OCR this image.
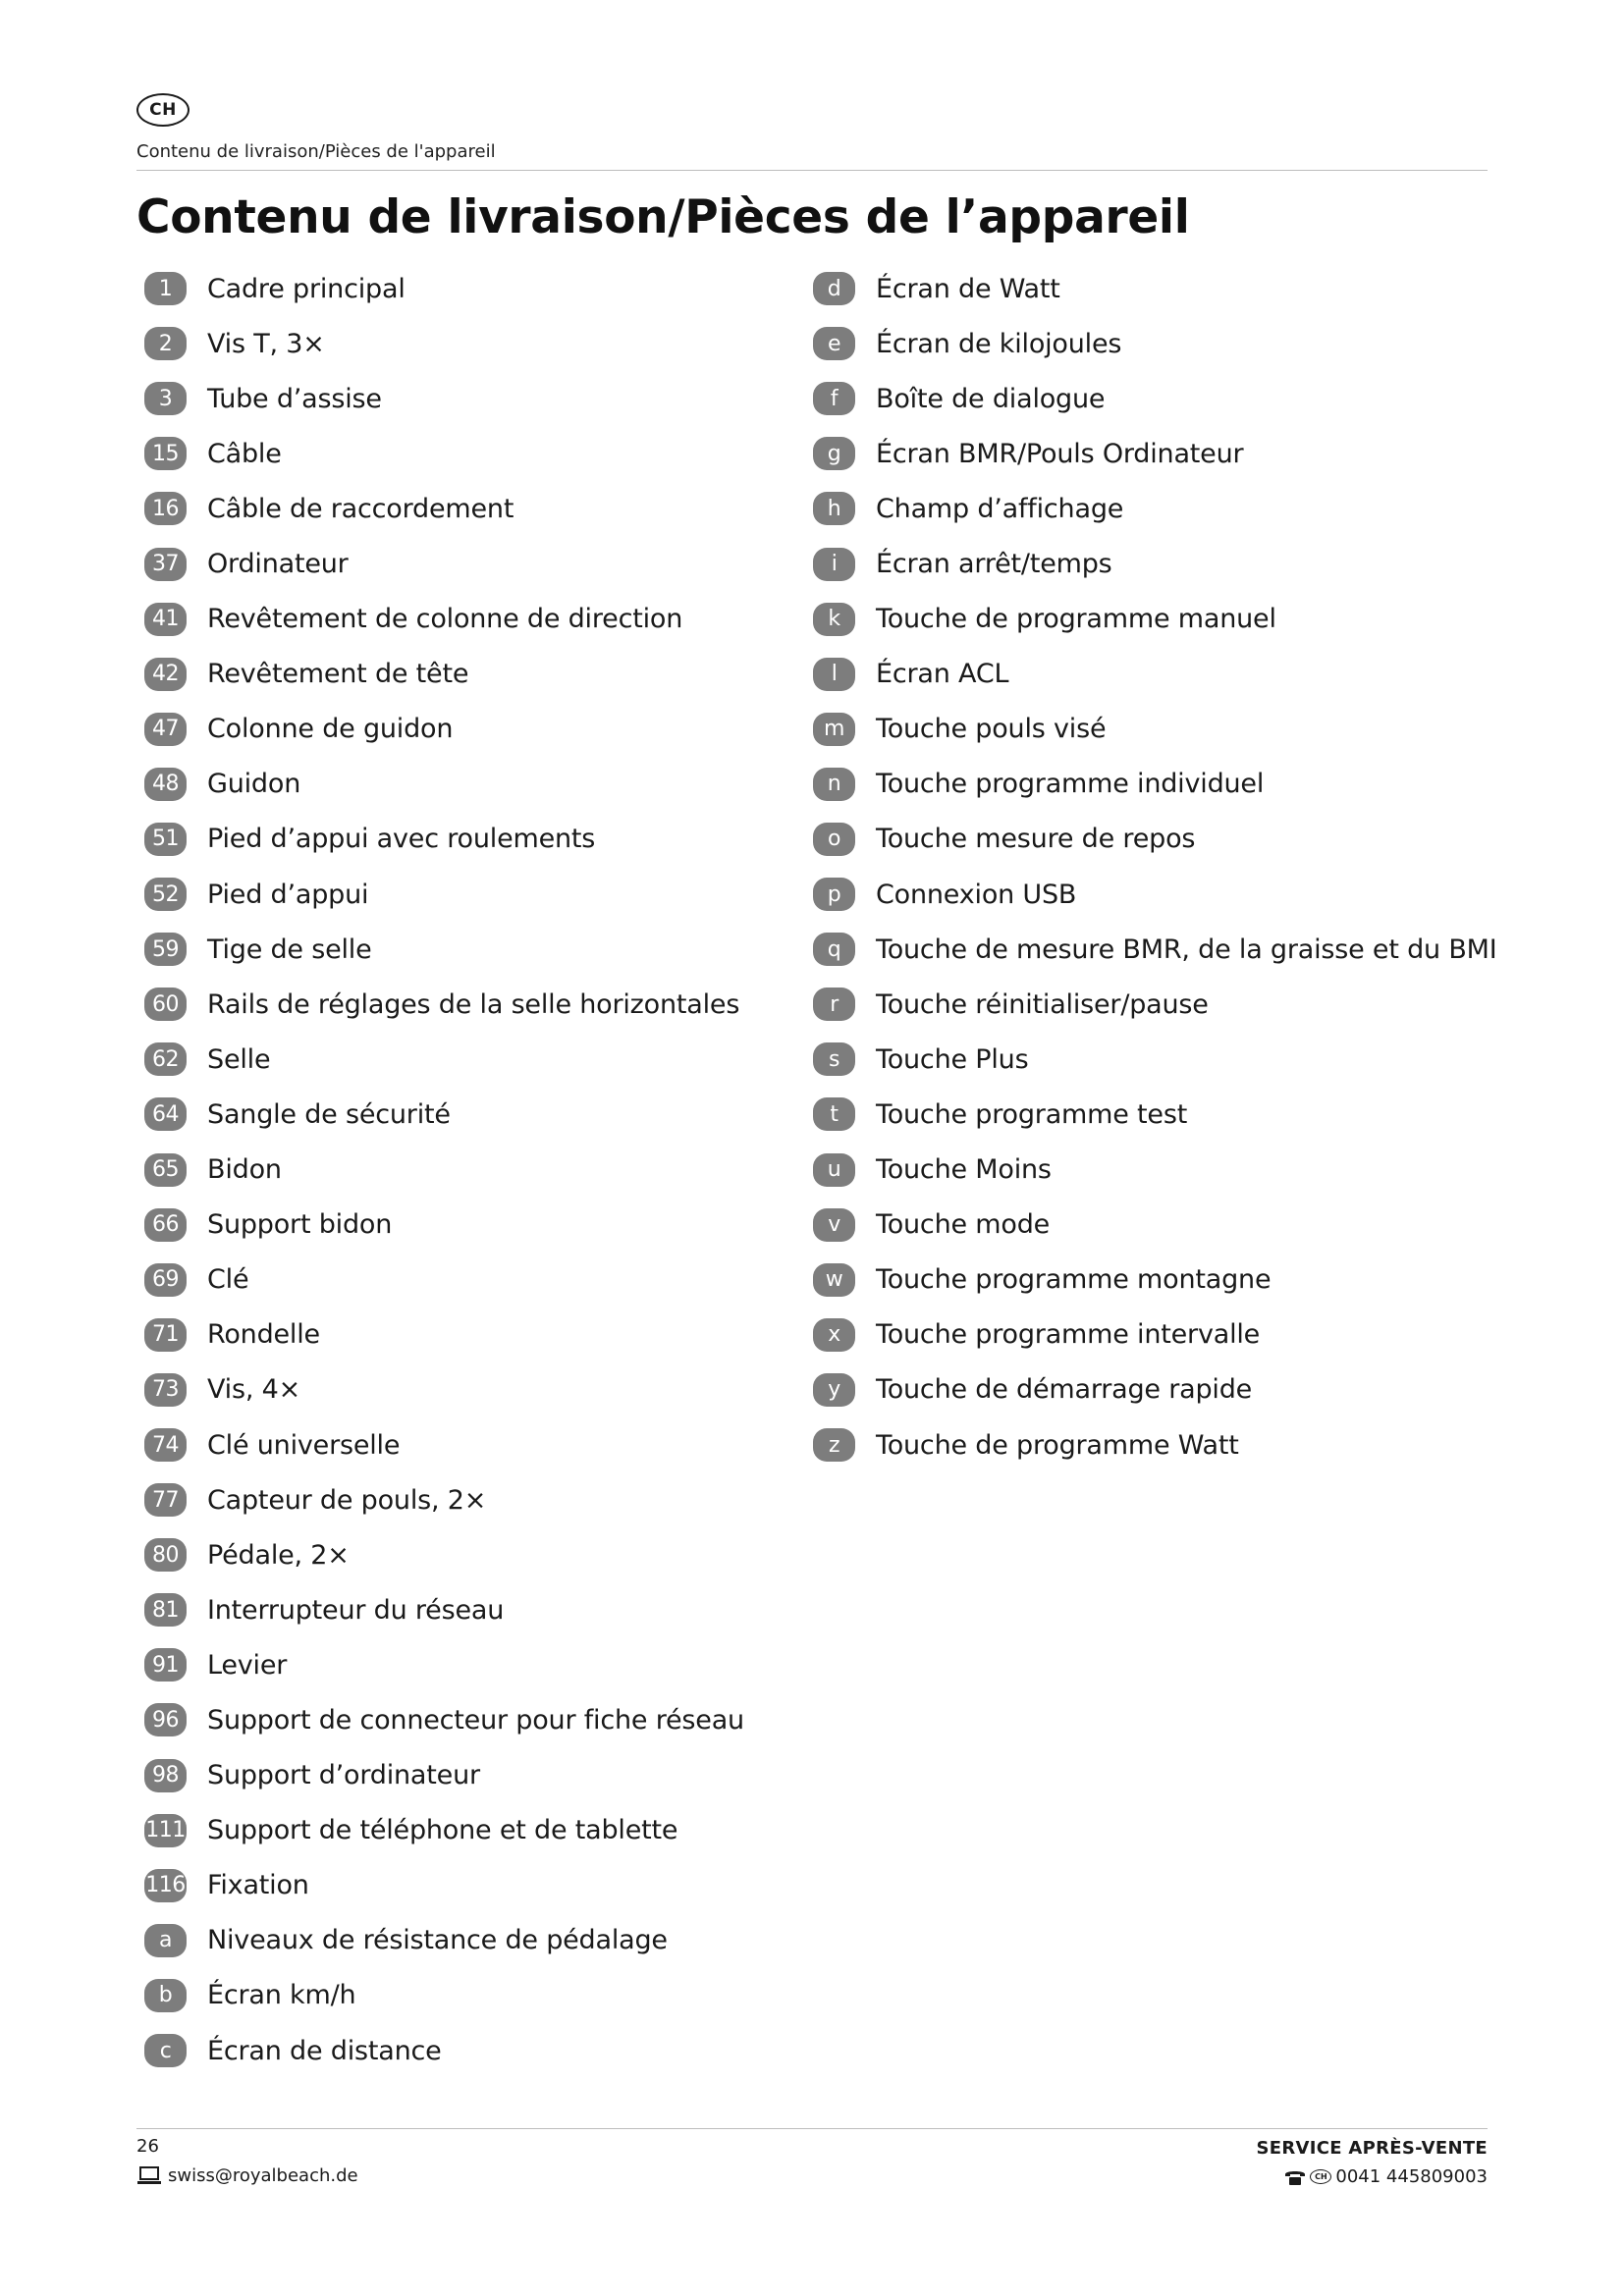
CH
Contenu de livraison/Pièces de l'appareil
Contenu de livraison/Pièces de l’appareil
1	Cadre principal
2	Vis T, 3×
3	Tube d’assise
15 Câble
16 Câble de raccordement
37 Ordinateur
41 Revêtement de colonne de direction
42 Revêtement de tête
47 Colonne de guidon
48 Guidon
51 Pied d’appui avec roulements
52 Pied d’appui
59 Tige de selle
60 Rails de réglages de la selle horizontales
62 Selle
64 Sangle de sécurité
65 Bidon
66 Support bidon
69 Clé
71 Rondelle
73 Vis, 4×
74 Clé universelle
77 Capteur de pouls, 2×
80 Pédale, 2×
81 Interrupteur du réseau
91 Levier
96 Support de connecteur pour fiche réseau
98 Support d’ordinateur
111 Support de téléphone et de tablette
116 Fixation
a	Niveaux de résistance de pédalage
b	Écran km/h
c	Écran de distance
d	Écran de Watt
e	Écran de kilojoules
f	Boîte de dialogue
g	Écran BMR/Pouls Ordinateur
h	Champ d’affichage
i	Écran arrêt/temps
k	Touche de programme manuel
l	Écran ACL
m	Touche pouls visé
n	Touche programme individuel
o	Touche mesure de repos
p	Connexion USB
q	Touche de mesure BMR, de la graisse et du BMI
r	Touche réinitialiser/pause
s	Touche Plus
t	Touche programme test
u	Touche Moins
v	Touche mode
w	Touche programme montagne
x	Touche programme intervalle
y	Touche de démarrage rapide
z	Touche de programme Watt
26
swiss@royalbeach.de
SERVICE APRÈS-VENTE
CH 0041 445809003
